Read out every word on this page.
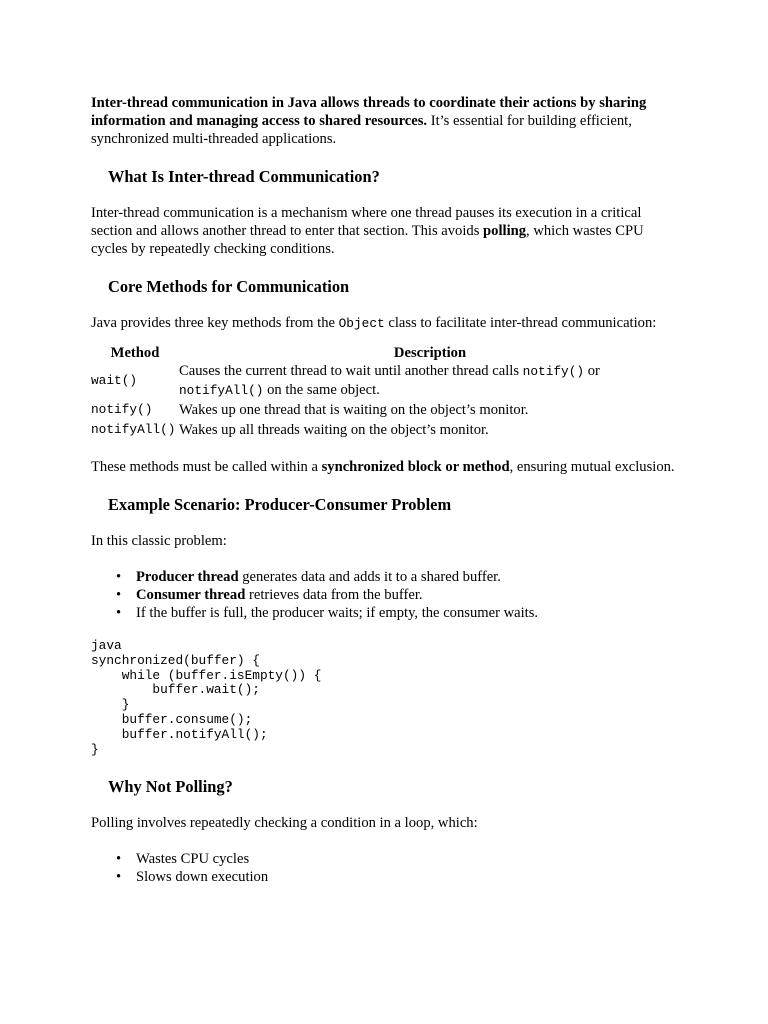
Inter-thread communication in Java allows threads to coordinate their actions by sharing information and managing access to shared resources. It’s essential for building efficient, synchronized multi-threaded applications.

What Is Inter-thread Communication?

Inter-thread communication is a mechanism where one thread pauses its execution in a critical section and allows another thread to enter that section. This avoids polling, which wastes CPU cycles by repeatedly checking conditions.

Core Methods for Communication

Java provides three key methods from the Object class to facilitate inter-thread communication:

Method	Description
wait()	Causes the current thread to wait until another thread calls notify() or
notifyAll() on the same object.
notify()	Wakes up one thread that is waiting on the object’s monitor.
notifyAll()	Wakes up all threads waiting on the object’s monitor.

These methods must be called within a synchronized block or method, ensuring mutual exclusion.

Example Scenario: Producer-Consumer Problem

In this classic problem:

• Producer thread generates data and adds it to a shared buffer.
• Consumer thread retrieves data from the buffer.
• If the buffer is full, the producer waits; if empty, the consumer waits.
java
synchronized(buffer) {
while (buffer.isEmpty()) {
buffer.wait();
}
buffer.consume();
buffer.notifyAll();
}
Why Not Polling?

Polling involves repeatedly checking a condition in a loop, which:

• Wastes CPU cycles
• Slows down execution
